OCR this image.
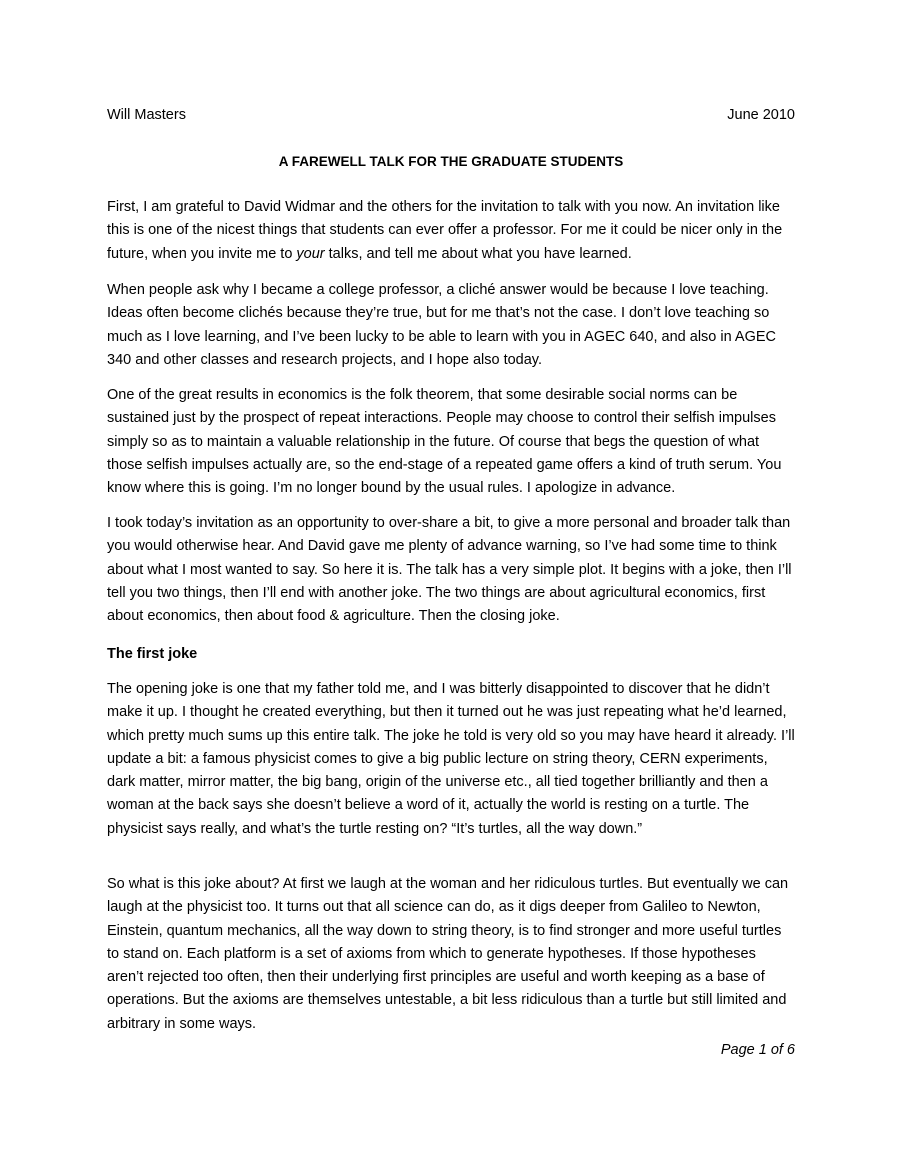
Will Masters	June 2010
A FAREWELL TALK FOR THE GRADUATE STUDENTS

First, I am grateful to David Widmar and the others for the invitation to talk with you now. An invitation like this is one of the nicest things that students can ever offer a professor. For me it could be nicer only in the future, when you invite me to your talks, and tell me about what you have learned.

When people ask why I became a college professor, a cliché answer would be because I love teaching. Ideas often become clichés because they’re true, but for me that’s not the case. I don’t love teaching so much as I love learning, and I’ve been lucky to be able to learn with you in AGEC 640, and also in AGEC 340 and other classes and research projects, and I hope also today.

One of the great results in economics is the folk theorem, that some desirable social norms can be sustained just by the prospect of repeat interactions. People may choose to control their selfish impulses simply so as to maintain a valuable relationship in the future. Of course that begs the question of what those selfish impulses actually are, so the end-stage of a repeated game offers a kind of truth serum. You know where this is going. I’m no longer bound by the usual rules. I apologize in advance.

I took today’s invitation as an opportunity to over-share a bit, to give a more personal and broader talk than you would otherwise hear. And David gave me plenty of advance warning, so I’ve had some time to think about what I most wanted to say. So here it is. The talk has a very simple plot. It begins with a joke, then I’ll tell you two things, then I’ll end with another joke. The two things are about agricultural economics, first about economics, then about food & agriculture. Then the closing joke.

The first joke

The opening joke is one that my father told me, and I was bitterly disappointed to discover that he didn’t make it up. I thought he created everything, but then it turned out he was just repeating what he’d learned, which pretty much sums up this entire talk. The joke he told is very old so you may have heard it already. I’ll update a bit: a famous physicist comes to give a big public lecture on string theory, CERN experiments, dark matter, mirror matter, the big bang, origin of the universe etc., all tied together brilliantly and then a woman at the back says she doesn’t believe a word of it, actually the world is resting on a turtle. The physicist says really, and what’s the turtle resting on? “It’s turtles, all the way down.”

So what is this joke about? At first we laugh at the woman and her ridiculous turtles. But eventually we can laugh at the physicist too. It turns out that all science can do, as it digs deeper from Galileo to Newton, Einstein, quantum mechanics, all the way down to string theory, is to find stronger and more useful turtles to stand on. Each platform is a set of axioms from which to generate hypotheses. If those hypotheses aren’t rejected too often, then their underlying first principles are useful and worth keeping as a base of operations. But the axioms are themselves untestable, a bit less ridiculous than a turtle but still limited and arbitrary in some ways.

Page 1 of 6
